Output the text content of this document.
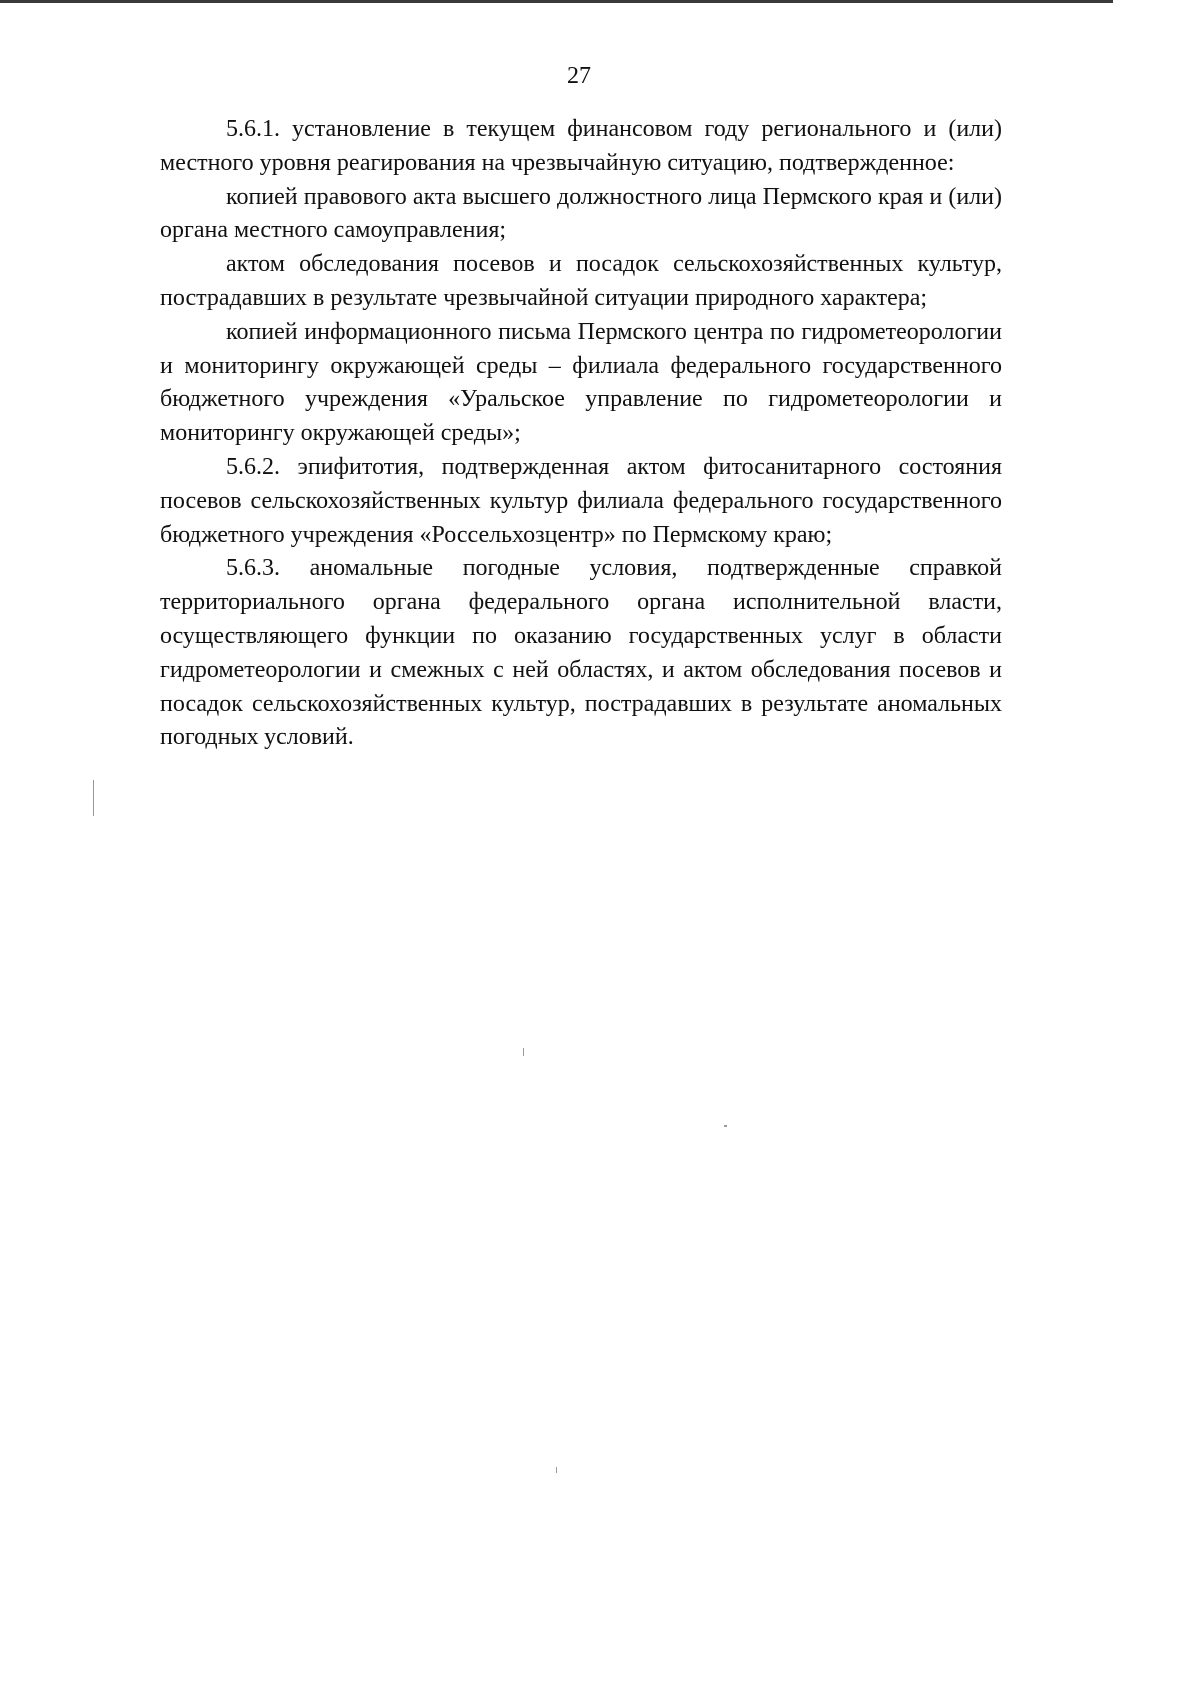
27

5.6.1. установление в текущем финансовом году регионального и (или) местного уровня реагирования на чрезвычайную ситуацию, подтвержденное:

копией правового акта высшего должностного лица Пермского края и (или) органа местного самоуправления;

актом обследования посевов и посадок сельскохозяйственных культур, пострадавших в результате чрезвычайной ситуации природного характера;

копией информационного письма Пермского центра по гидрометеорологии и мониторингу окружающей среды – филиала федерального государственного бюджетного учреждения «Уральское управление по гидрометеорологии и мониторингу окружающей среды»;

5.6.2. эпифитотия, подтвержденная актом фитосанитарного состояния посевов сельскохозяйственных культур филиала федерального государственного бюджетного учреждения «Россельхозцентр» по Пермскому краю;

5.6.3. аномальные погодные условия, подтвержденные справкой территориального органа федерального органа исполнительной власти, осуществляющего функции по оказанию государственных услуг в области гидрометеорологии и смежных с ней областях, и актом обследования посевов и посадок сельскохозяйственных культур, пострадавших в результате аномальных погодных условий.
